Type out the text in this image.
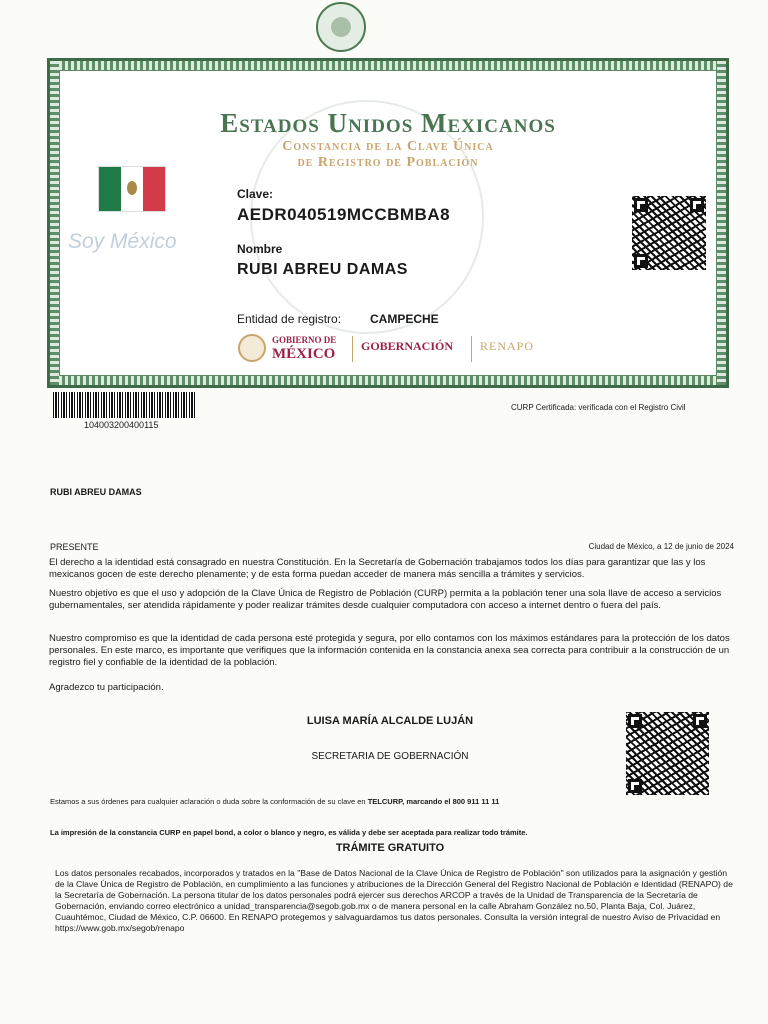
Estados Unidos Mexicanos
Constancia de la Clave Única
de Registro de Población
Soy México
Clave:
AEDR040519MCCBMBA8
Nombre
RUBI ABREU DAMAS
Entidad de registro: CAMPECHE
GOBIERNO DE
MÉXICO GOBERNACIÓN RENAPO
104003200400115
CURP Certificada: verificada con el Registro Civil
RUBI ABREU DAMAS
PRESENTE	Ciudad de México, a 12 de junio de 2024
El derecho a la identidad está consagrado en nuestra Constitución. En la Secretaría de Gobernación trabajamos todos los días para garantizar que las y los mexicanos gocen de este derecho plenamente; y de esta forma puedan acceder de manera más sencilla a trámites y servicios.
Nuestro objetivo es que el uso y adopción de la Clave Única de Registro de Población (CURP) permita a la población tener una sola llave de acceso a servicios gubernamentales, ser atendida rápidamente y poder realizar trámites desde cualquier computadora con acceso a internet dentro o fuera del país.
Nuestro compromiso es que la identidad de cada persona esté protegida y segura, por ello contamos con los máximos estándares para la protección de los datos personales. En este marco, es importante que verifiques que la información contenida en la constancia anexa sea correcta para contribuir a la construcción de un registro fiel y confiable de la identidad de la población.
Agradezco tu participación.
LUISA MARÍA ALCALDE LUJÁN
SECRETARIA DE GOBERNACIÓN
Estamos a sus órdenes para cualquier aclaración o duda sobre la conformación de su clave en TELCURP, marcando el 800 911 11 11
La impresión de la constancia CURP en papel bond, a color o blanco y negro, es válida y debe ser aceptada para realizar todo trámite.
TRÁMITE GRATUITO
Los datos personales recabados, incorporados y tratados en la "Base de Datos Nacional de la Clave Única de Registro de Población" son utilizados para la asignación y gestión de la Clave Única de Registro de Población, en cumplimiento a las funciones y atribuciones de la Dirección General del Registro Nacional de Población e Identidad (RENAPO) de la Secretaría de Gobernación. La persona titular de los datos personales podrá ejercer sus derechos ARCOP a través de la Unidad de Transparencia de la Secretaría de Gobernación, enviando correo electrónico a unidad_transparencia@segob.gob.mx o de manera personal en la calle Abraham González no.50, Planta Baja, Col. Juárez, Cuauhtémoc, Ciudad de México, C.P. 06600. En RENAPO protegemos y salvaguardamos tus datos personales. Consulta la versión integral de nuestro Aviso de Privacidad en https://www.gob.mx/segob/renapo
